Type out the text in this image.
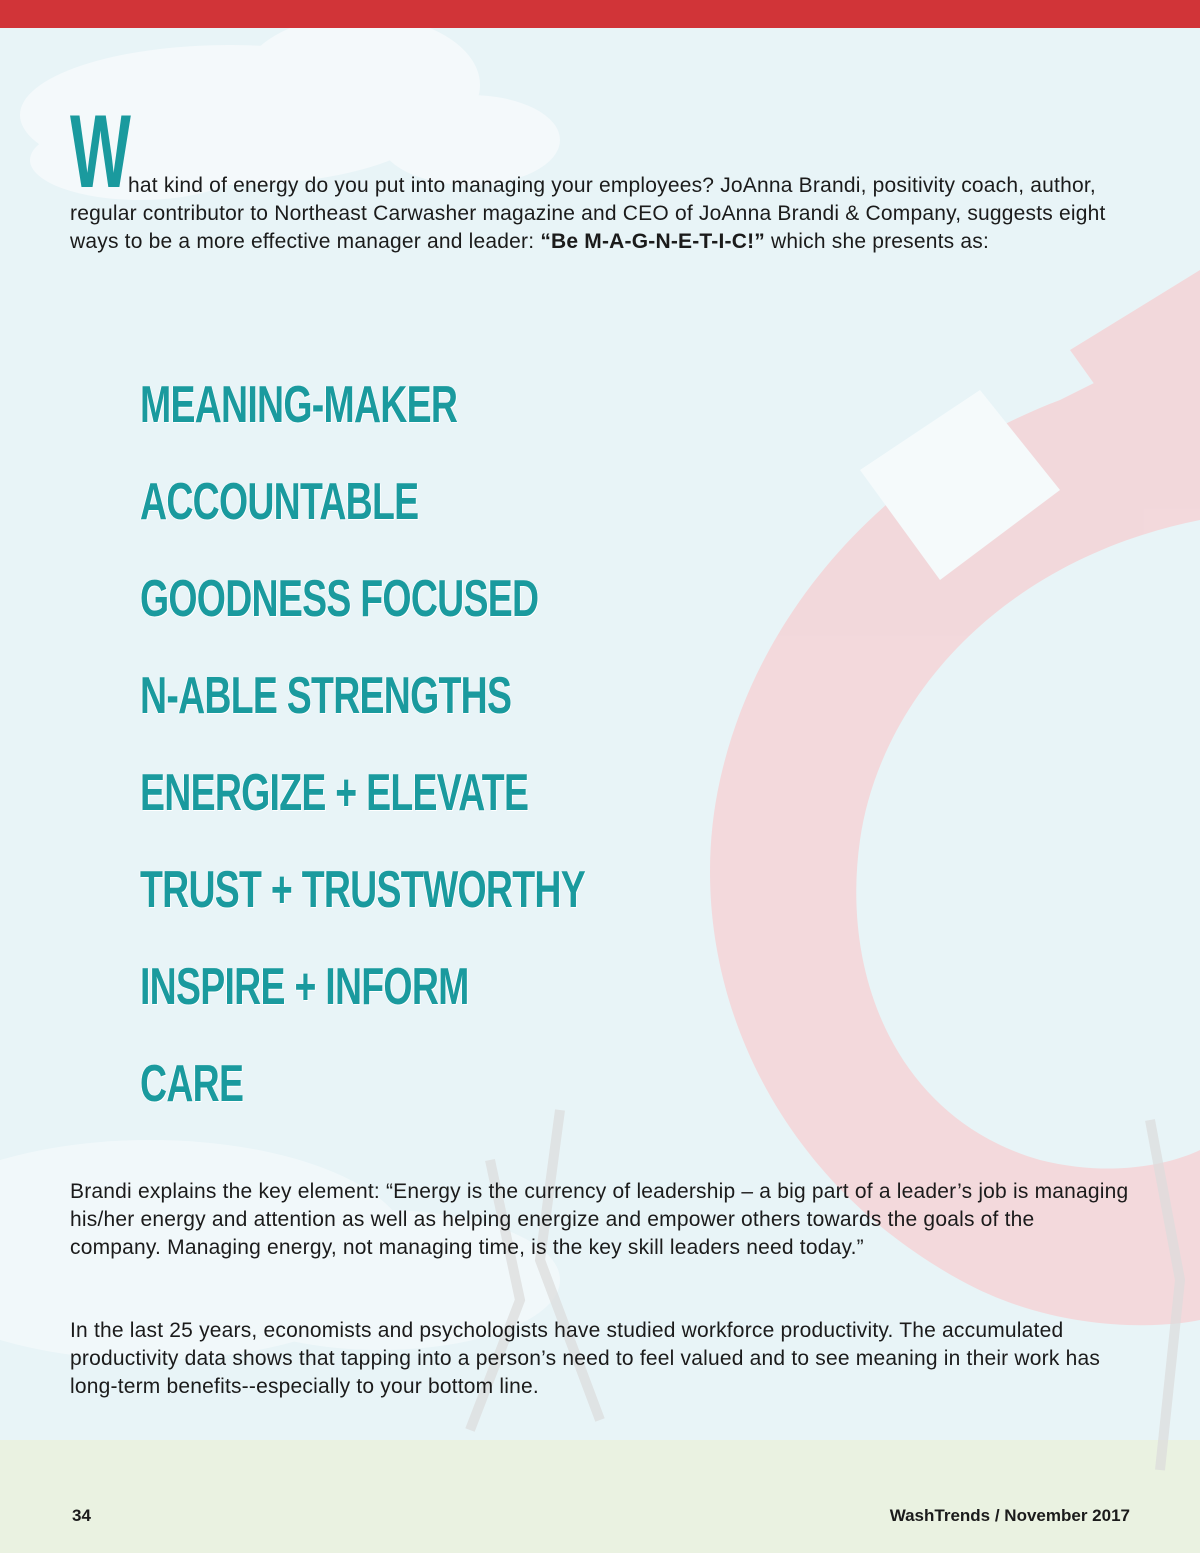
W hat kind of energy do you put into managing your employees? JoAnna Brandi, positivity coach, author, regular contributor to Northeast Carwasher magazine and CEO of JoAnna Brandi & Company, suggests eight ways to be a more effective manager and leader: “Be M-A-G-N-E-T-I-C!” which she presents as:
MEANING-MAKER
ACCOUNTABLE
GOODNESS FOCUSED
N-ABLE STRENGTHS
ENERGIZE + ELEVATE
TRUST + TRUSTWORTHY
INSPIRE + INFORM
CARE

Brandi explains the key element: “Energy is the currency of leadership – a big part of a leader’s job is managing his/her energy and attention as well as helping energize and empower others towards the goals of the company. Managing energy, not managing time, is the key skill leaders need today.”

In the last 25 years, economists and psychologists have studied workforce productivity. The accumulated productivity data shows that tapping into a person’s need to feel valued and to see meaning in their work has long-term benefits--especially to your bottom line.

34	WashTrends / November 2017
